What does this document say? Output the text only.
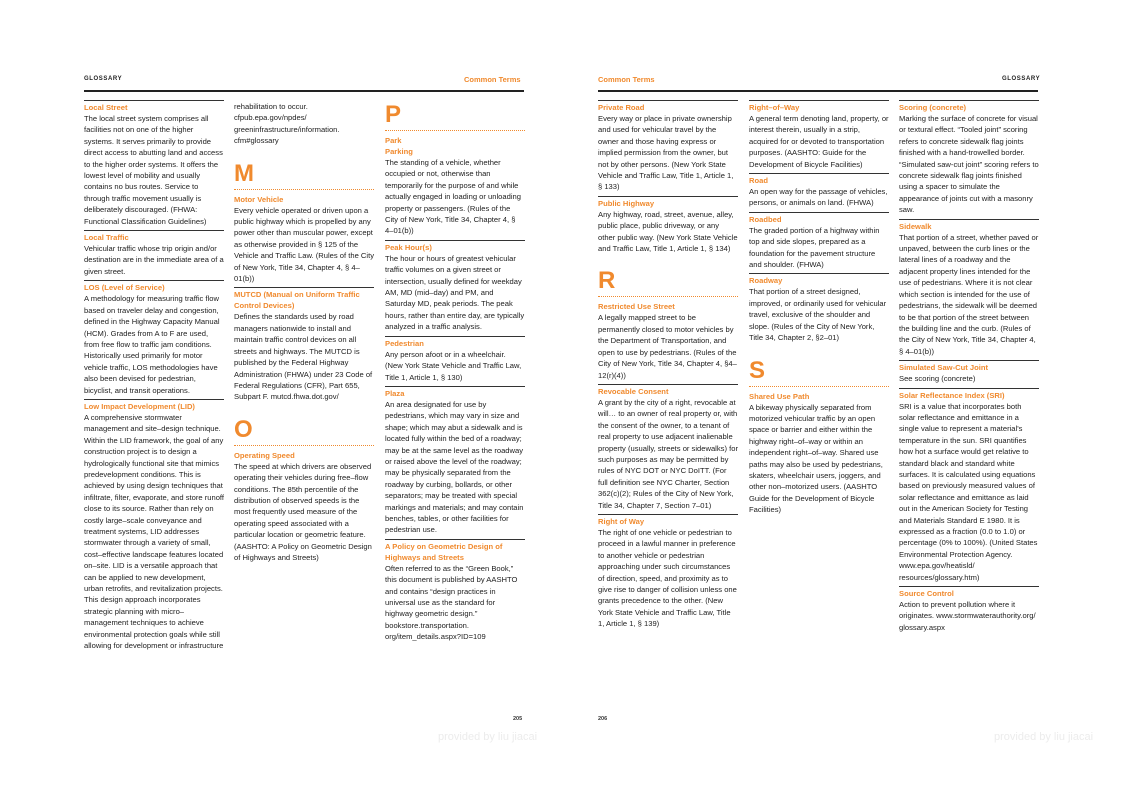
GLOSSARY	Common Terms
Local Street
The local street system comprises all facilities not on one of the higher systems. It serves primarily to provide direct access to abutting land and access to the higher order systems. It offers the lowest level of mobility and usually contains no bus routes. Service to through traffic movement usually is deliberately discouraged. (FHWA: Functional Classification Guidelines)
Local Traffic
Vehicular traffic whose trip origin and/or destination are in the immediate area of a given street.
LOS (Level of Service)
A methodology for measuring traffic flow based on traveler delay and congestion, defined in the Highway Capacity Manual (HCM). Grades from A to F are used, from free flow to traffic jam conditions. Historically used primarily for motor vehicle traffic, LOS methodologies have also been devised for pedestrian, bicyclist, and transit operations.
Low Impact Development (LID)
A comprehensive stormwater management and site–design technique. Within the LID framework, the goal of any construction project is to design a hydrologically functional site that mimics predevelopment conditions. This is achieved by using design techniques that infiltrate, filter, evaporate, and store runoff close to its source. Rather than rely on costly large–scale conveyance and treatment systems, LID addresses stormwater through a variety of small, cost–effective landscape features located on–site. LID is a versatile approach that can be applied to new development, urban retrofits, and revitalization projects. This design approach incorporates strategic planning with micro–management techniques to achieve environmental protection goals while still allowing for development or infrastructure
rehabilitation to occur. cfpub.epa.gov/npdes/ greeninfrastructure/information. cfm#glossary
M
Motor Vehicle
Every vehicle operated or driven upon a public highway which is propelled by any power other than muscular power, except as otherwise provided in § 125 of the Vehicle and Traffic Law. (Rules of the City of New York, Title 34, Chapter 4, § 4–01(b))
MUTCD (Manual on Uniform Traffic Control Devices)
Defines the standards used by road managers nationwide to install and maintain traffic control devices on all streets and highways. The MUTCD is published by the Federal Highway Administration (FHWA) under 23 Code of Federal Regulations (CFR), Part 655, Subpart F. mutcd.fhwa.dot.gov/
O
Operating Speed
The speed at which drivers are observed operating their vehicles during free–flow conditions. The 85th percentile of the distribution of observed speeds is the most frequently used measure of the operating speed associated with a particular location or geometric feature. (AASHTO: A Policy on Geometric Design of Highways and Streets)
P
Park
Parking
The standing of a vehicle, whether occupied or not, otherwise than temporarily for the purpose of and while actually engaged in loading or unloading property or passengers. (Rules of the City of New York, Title 34, Chapter 4, § 4–01(b))
Peak Hour(s)
The hour or hours of greatest vehicular traffic volumes on a given street or intersection, usually defined for weekday AM, MD (mid–day) and PM, and Saturday MD, peak periods. The peak hours, rather than entire day, are typically analyzed in a traffic analysis.
Pedestrian
Any person afoot or in a wheelchair. (New York State Vehicle and Traffic Law, Title 1, Article 1, § 130)
Plaza
An area designated for use by pedestrians, which may vary in size and shape; which may abut a sidewalk and is located fully within the bed of a roadway; may be at the same level as the roadway or raised above the level of the roadway; may be physically separated from the roadway by curbing, bollards, or other separators; may be treated with special markings and materials; and may contain benches, tables, or other facilities for pedestrian use.
A Policy on Geometric Design of Highways and Streets
Often referred to as the “Green Book,” this document is published by AASHTO and contains “design practices in universal use as the standard for highway geometric design.” bookstore.transportation. org/item_details.aspx?ID=109
205
provided by liu jiacai
Common Terms	GLOSSARY
Private Road
Every way or place in private ownership and used for vehicular travel by the owner and those having express or implied permission from the owner, but not by other persons. (New York State Vehicle and Traffic Law, Title 1, Article 1, § 133)
Public Highway
Any highway, road, street, avenue, alley, public place, public driveway, or any other public way. (New York State Vehicle and Traffic Law, Title 1, Article 1, § 134)
R
Restricted Use Street
A legally mapped street to be permanently closed to motor vehicles by the Department of Transportation, and open to use by pedestrians. (Rules of the City of New York, Title 34, Chapter 4, §4–12(r)(4))
Revocable Consent
A grant by the city of a right, revocable at will… to an owner of real property or, with the consent of the owner, to a tenant of real property to use adjacent inalienable property (usually, streets or sidewalks) for such purposes as may be permitted by rules of NYC DOT or NYC DoITT. (For full definition see NYC Charter, Section 362(c)(2); Rules of the City of New York, Title 34, Chapter 7, Section 7–01)
Right of Way
The right of one vehicle or pedestrian to proceed in a lawful manner in preference to another vehicle or pedestrian approaching under such circumstances of direction, speed, and proximity as to give rise to danger of collision unless one grants precedence to the other. (New York State Vehicle and Traffic Law, Title 1, Article 1, § 139)
Right–of–Way
A general term denoting land, property, or interest therein, usually in a strip, acquired for or devoted to transportation purposes. (AASHTO: Guide for the Development of Bicycle Facilities)
Road
An open way for the passage of vehicles, persons, or animals on land. (FHWA)
Roadbed
The graded portion of a highway within top and side slopes, prepared as a foundation for the pavement structure and shoulder. (FHWA)
Roadway
That portion of a street designed, improved, or ordinarily used for vehicular travel, exclusive of the shoulder and slope. (Rules of the City of New York, Title 34, Chapter 2, §2–01)
S
Shared Use Path
A bikeway physically separated from motorized vehicular traffic by an open space or barrier and either within the highway right–of–way or within an independent right–of–way. Shared use paths may also be used by pedestrians, skaters, wheelchair users, joggers, and other non–motorized users. (AASHTO Guide for the Development of Bicycle Facilities)
Scoring (concrete)
Marking the surface of concrete for visual or textural effect. “Tooled joint” scoring refers to concrete sidewalk flag joints finished with a hand-trowelled border. “Simulated saw-cut joint” scoring refers to concrete sidewalk flag joints finished using a spacer to simulate the appearance of joints cut with a masonry saw.
Sidewalk
That portion of a street, whether paved or unpaved, between the curb lines or the lateral lines of a roadway and the adjacent property lines intended for the use of pedestrians. Where it is not clear which section is intended for the use of pedestrians, the sidewalk will be deemed to be that portion of the street between the building line and the curb. (Rules of the City of New York, Title 34, Chapter 4, § 4–01(b))
Simulated Saw-Cut Joint
See scoring (concrete)
Solar Reflectance Index (SRI)
SRI is a value that incorporates both solar reflectance and emittance in a single value to represent a material's temperature in the sun. SRI quantifies how hot a surface would get relative to standard black and standard white surfaces. It is calculated using equations based on previously measured values of solar reflectance and emittance as laid out in the American Society for Testing and Materials Standard E 1980. It is expressed as a fraction (0.0 to 1.0) or percentage (0% to 100%). (United States Environmental Protection Agency. www.epa.gov/heatisld/ resources/glossary.htm)
Source Control
Action to prevent pollution where it originates. www.stormwaterauthority.org/ glossary.aspx
206
provided by liu jiacai
